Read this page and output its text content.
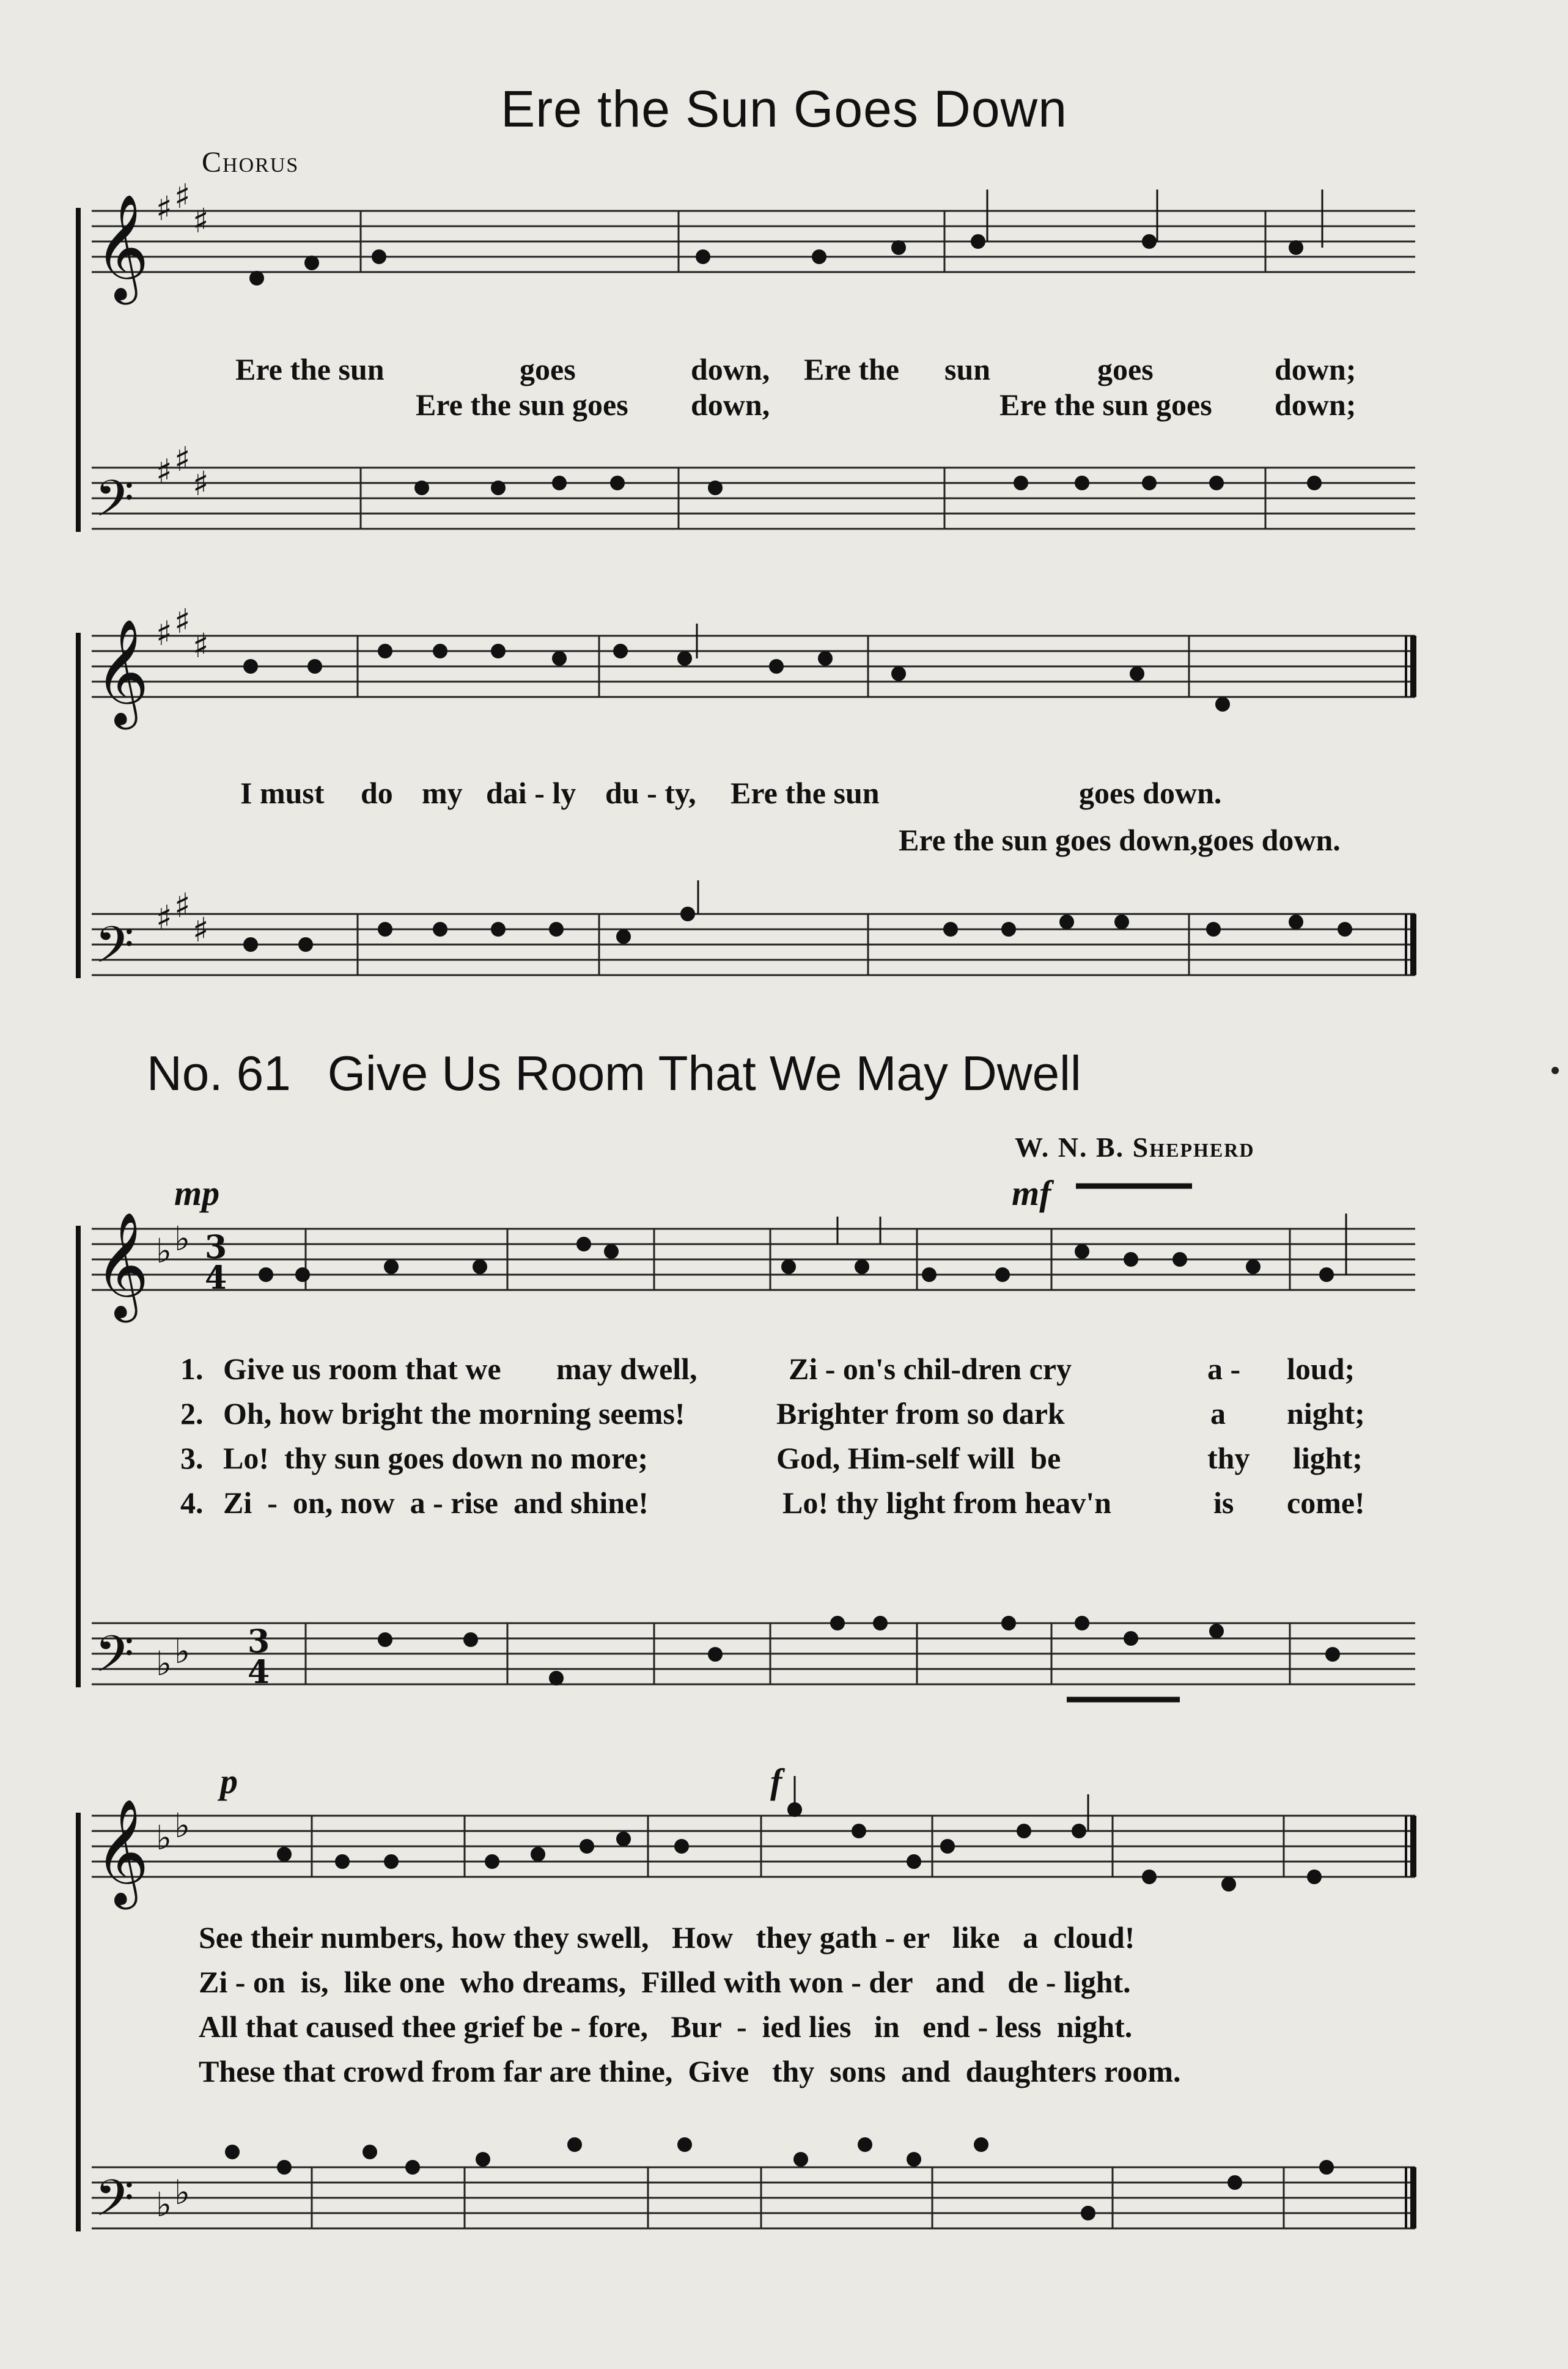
𝄞
𝄢
𝄞
𝄢
𝄞
𝄢
𝄞
𝄢
♯ ♯
♯
♯ ♯
♯
♯ ♯
♯
♯ ♯
♯
♭ ♭
♭ ♭
♭ ♭
♭ ♭
3
4
3
4
Ere the Sun Goes Down
Chorus
Ere the sun	goes	down, Ere the sun	goes	down;
Ere the sun goes down,	Ere the sun goes down;
I must do my dai - ly du - ty, Ere the sun	goes down.
Ere the sun goes down,goes down.
No. 61 Give Us Room That We May Dwell
W. N. B. Shepherd
mp	mf
p	f
1. Give us room that we may dwell,	Zi - on's chil-dren cry	a - loud;
2. Oh, how bright the morning seems!	Brighter from so dark	a night;
3. Lo!  thy sun goes down no more;	God, Him-self will  be	thy light;
4. Zi  -  on, now  a - rise  and shine!	Lo! thy light from heav'n	is come!
See their numbers, how they swell,   How   they gath - er   like   a  cloud!
Zi - on  is,  like one  who dreams,  Filled with won - der   and   de - light.
All that caused thee grief be - fore,   Bur  -  ied lies   in   end - less  night.
These that crowd from far are thine,  Give   thy  sons  and  daughters room.
